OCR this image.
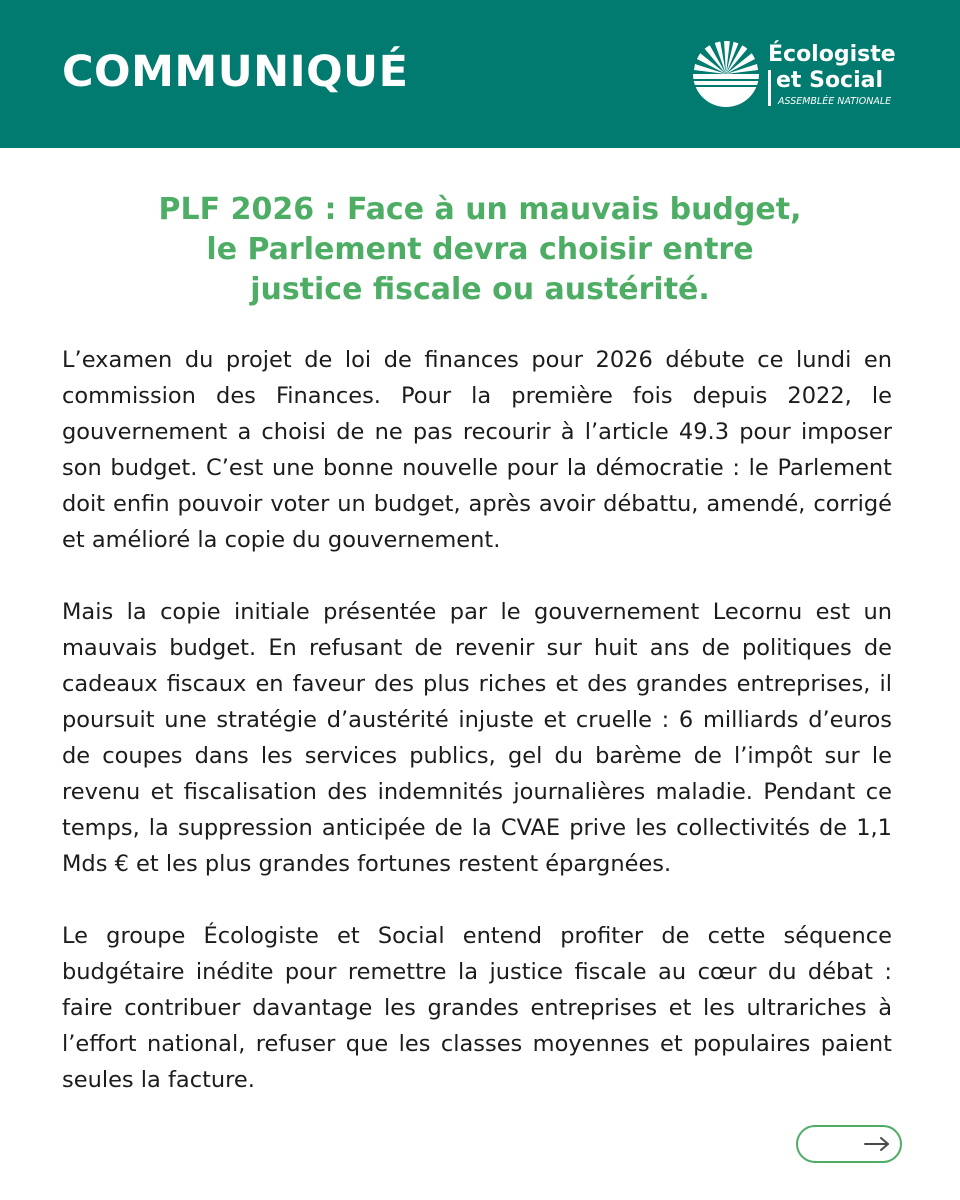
COMMUNIQUÉ	Écologiste
et Social
ASSEMBLÉE NATIONALE
PLF 2026 : Face à un mauvais budget,
le Parlement devra choisir entre
justice fiscale ou austérité.

L’examen du projet de loi de finances pour 2026 débute ce lundi en commission des Finances. Pour la première fois depuis 2022, le gouvernement a choisi de ne pas recourir à l’article 49.3 pour imposer son budget. C’est une bonne nouvelle pour la démocratie : le Parlement doit enfin pouvoir voter un budget, après avoir débattu, amendé, corrigé et amélioré la copie du gouvernement.

Mais la copie initiale présentée par le gouvernement Lecornu est un mauvais budget. En refusant de revenir sur huit ans de politiques de cadeaux fiscaux en faveur des plus riches et des grandes entreprises, il poursuit une stratégie d’austérité injuste et cruelle : 6 milliards d’euros de coupes dans les services publics, gel du barème de l’impôt sur le revenu et fiscalisation des indemnités journalières maladie. Pendant ce temps, la suppression anticipée de la CVAE prive les collectivités de 1,1 Mds € et les plus grandes fortunes restent épargnées.

Le groupe Écologiste et Social entend profiter de cette séquence budgétaire inédite pour remettre la justice fiscale au cœur du débat : faire contribuer davantage les grandes entreprises et les ultrariches à l’effort national, refuser que les classes moyennes et populaires paient seules la facture.
